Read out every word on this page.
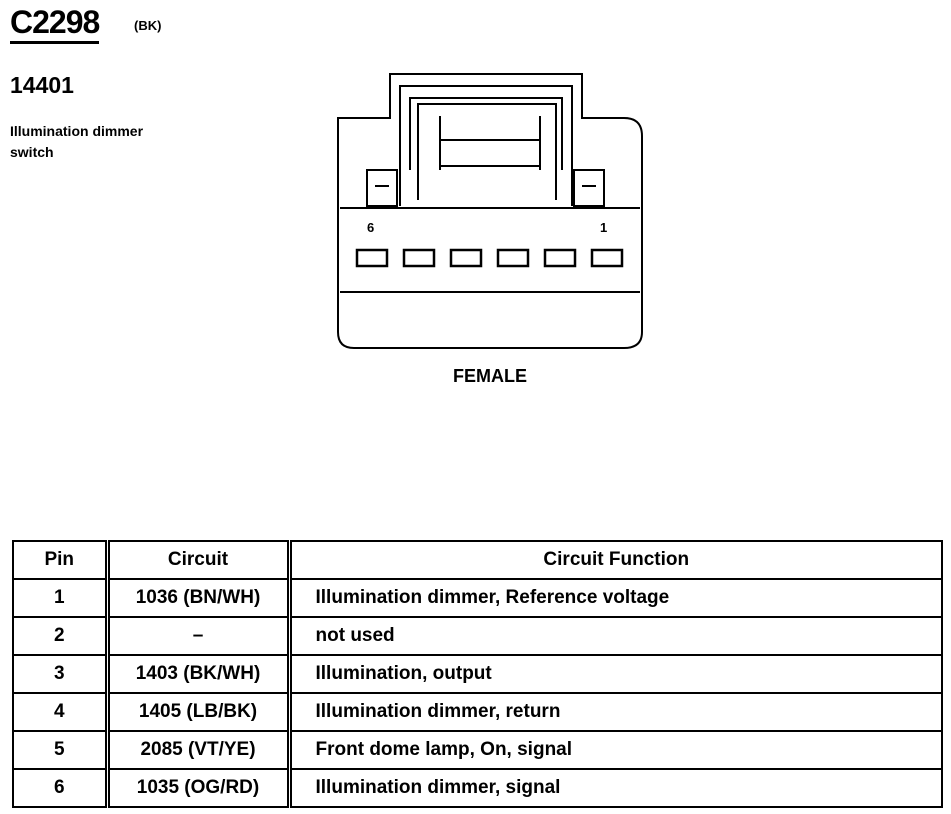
C2298	(BK)
14401
Illumination dimmer switch
6	1
FEMALE
Pin	Circuit	Circuit Function
1	1036 (BN/WH)	Illumination dimmer, Reference voltage
2	–	not used
3	1403 (BK/WH)	Illumination, output
4	1405 (LB/BK)	Illumination dimmer, return
5	2085 (VT/YE)	Front dome lamp, On, signal
6	1035 (OG/RD)	Illumination dimmer, signal
